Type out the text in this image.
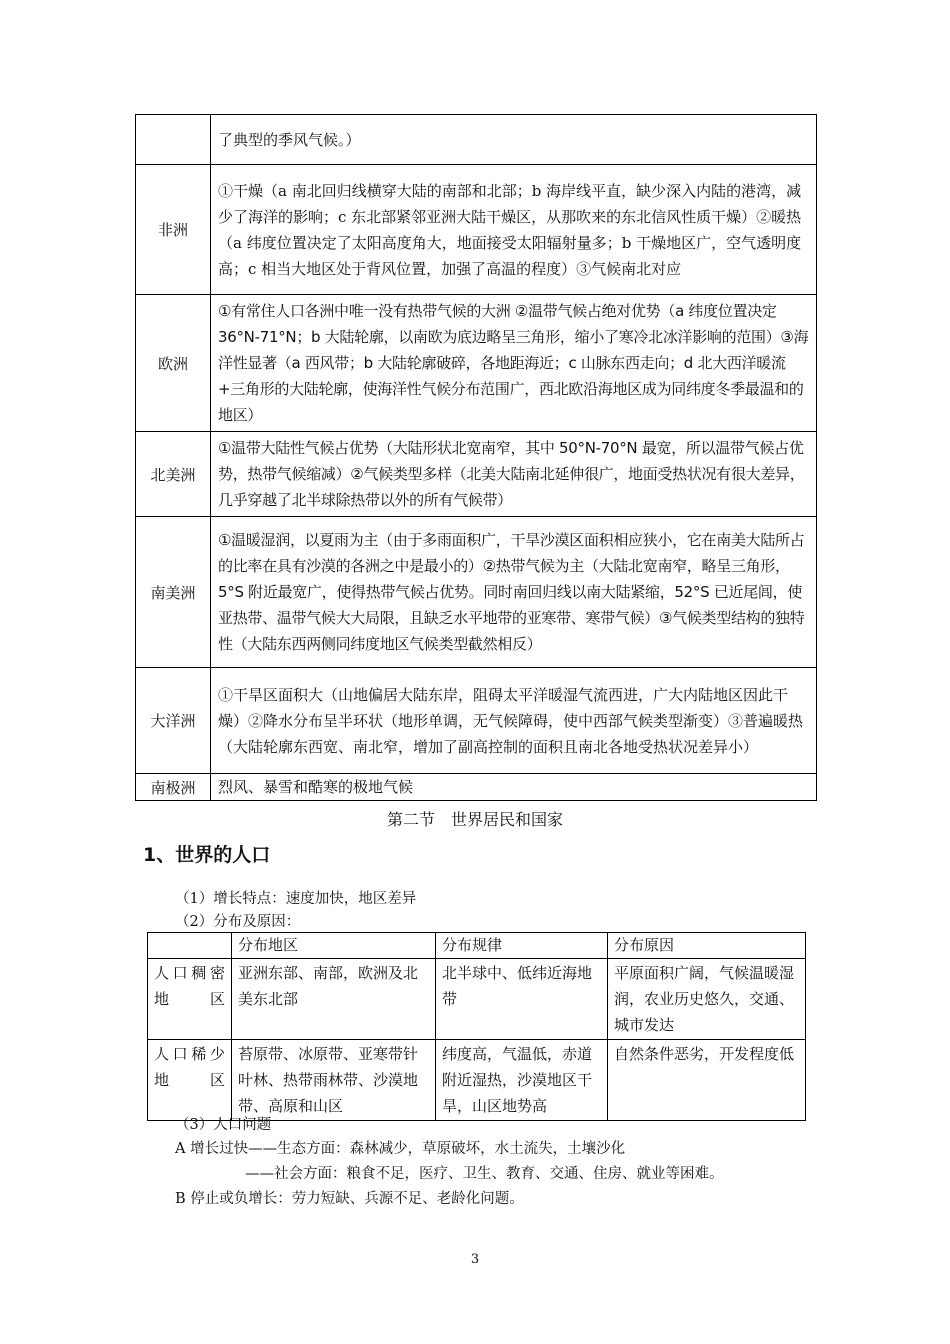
	了典型的季风气候。）
非洲	①干燥（a 南北回归线横穿大陆的南部和北部；b 海岸线平直，缺少深入内陆的港湾，减少了海洋的影响；c 东北部紧邻亚洲大陆干燥区，从那吹来的东北信风性质干燥）②暖热（a 纬度位置决定了太阳高度角大，地面接受太阳辐射量多；b 干燥地区广，空气透明度高；c 相当大地区处于背风位置，加强了高温的程度）③气候南北对应
欧洲	①有常住人口各洲中唯一没有热带气候的大洲 ②温带气候占绝对优势（a 纬度位置决定 36°N-71°N；b 大陆轮廓，以南欧为底边略呈三角形，缩小了寒冷北冰洋影响的范围）③海洋性显著（a 西风带；b 大陆轮廓破碎，各地距海近；c 山脉东西走向；d 北大西洋暖流+三角形的大陆轮廓，使海洋性气候分布范围广，西北欧沿海地区成为同纬度冬季最温和的地区）
北美洲	①温带大陆性气候占优势（大陆形状北宽南窄，其中 50°N-70°N 最宽，所以温带气候占优势，热带气候缩减）②气候类型多样（北美大陆南北延伸很广，地面受热状况有很大差异，几乎穿越了北半球除热带以外的所有气候带）
南美洲	①温暖湿润，以夏雨为主（由于多雨面积广，干旱沙漠区面积相应狭小，它在南美大陆所占的比率在具有沙漠的各洲之中是最小的）②热带气候为主（大陆北宽南窄，略呈三角形，5°S 附近最宽广，使得热带气候占优势。同时南回归线以南大陆紧缩，52°S 已近尾闾，使亚热带、温带气候大大局限，且缺乏水平地带的亚寒带、寒带气候）③气候类型结构的独特性（大陆东西两侧同纬度地区气候类型截然相反）
大洋洲	①干旱区面积大（山地偏居大陆东岸，阻碍太平洋暖湿气流西进，广大内陆地区因此干燥）②降水分布呈半环状（地形单调，无气候障碍，使中西部气候类型渐变）③普遍暖热（大陆轮廓东西宽、南北窄，增加了副高控制的面积且南北各地受热状况差异小）
南极洲	烈风、暴雪和酷寒的极地气候
第二节　世界居民和国家
1、世界的人口
（1）增长特点：速度加快，地区差异
（2）分布及原因：
	分布地区	分布规律	分布原因
人口稠密地区	亚洲东部、南部，欧洲及北美东北部	北半球中、低纬近海地带	平原面积广阔，气候温暖湿润，农业历史悠久，交通、城市发达
人口稀少地区	苔原带、冰原带、亚寒带针叶林、热带雨林带、沙漠地带、高原和山区	纬度高，气温低，赤道附近湿热，沙漠地区干旱，山区地势高	自然条件恶劣，开发程度低
（3）人口问题
A 增长过快——生态方面：森林减少，草原破坏，水土流失，土壤沙化
——社会方面：粮食不足，医疗、卫生、教育、交通、住房、就业等困难。
B 停止或负增长：劳力短缺、兵源不足、老龄化问题。
3
